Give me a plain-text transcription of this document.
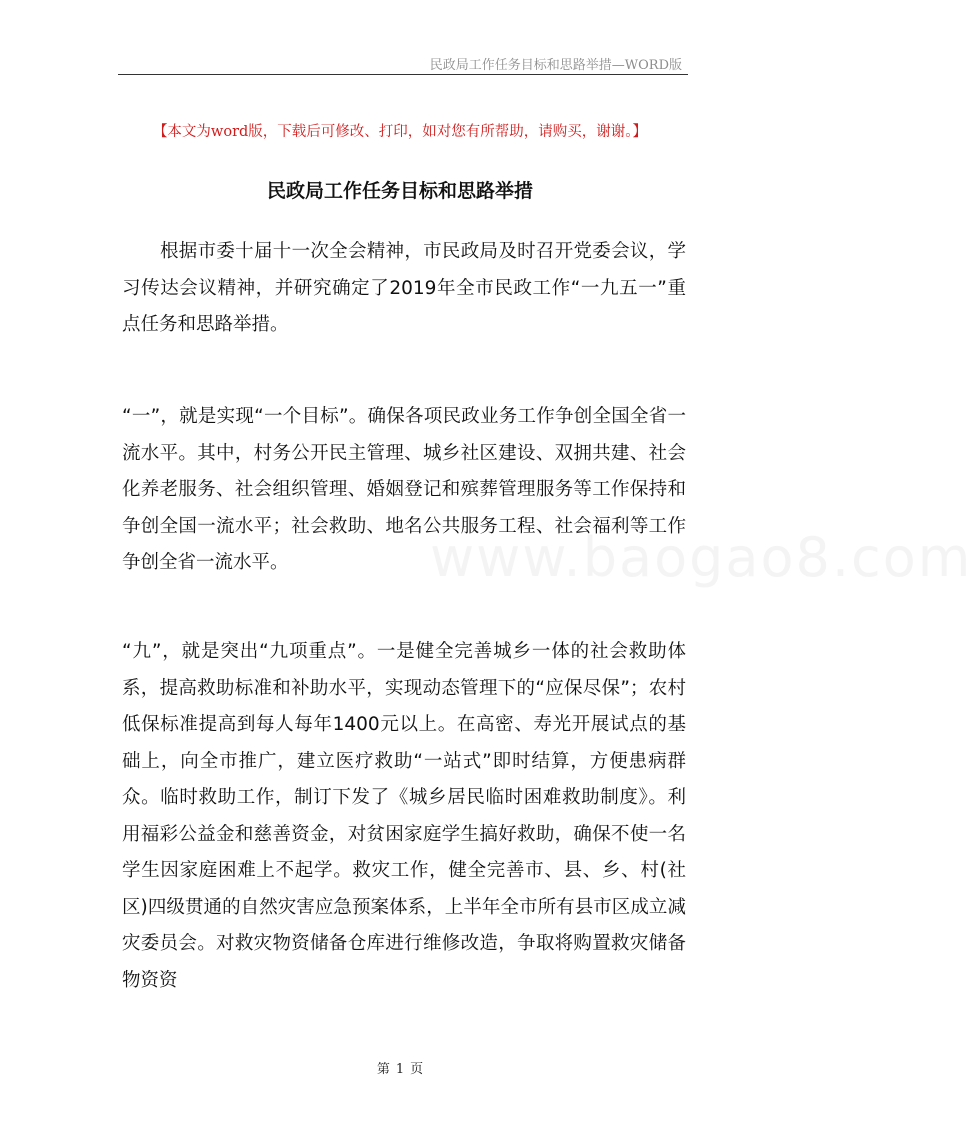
民政局工作任务目标和思路举措—WORD版
【本文为word版，下载后可修改、打印，如对您有所帮助，请购买，谢谢。】
民政局工作任务目标和思路举措
www.baogao8.com
根据市委十届十一次全会精神，市民政局及时召开党委会议，学习传达会议精神，并研究确定了2019年全市民政工作“一九五一”重点任务和思路举措。
“一”，就是实现“一个目标”。确保各项民政业务工作争创全国全省一流水平。其中，村务公开民主管理、城乡社区建设、双拥共建、社会化养老服务、社会组织管理、婚姻登记和殡葬管理服务等工作保持和争创全国一流水平；社会救助、地名公共服务工程、社会福利等工作争创全省一流水平。
“九”，就是突出“九项重点”。一是健全完善城乡一体的社会救助体系，提高救助标准和补助水平，实现动态管理下的“应保尽保”；农村低保标准提高到每人每年1400元以上。在高密、寿光开展试点的基础上，向全市推广，建立医疗救助“一站式”即时结算，方便患病群众。临时救助工作，制订下发了《城乡居民临时困难救助制度》。利用福彩公益金和慈善资金，对贫困家庭学生搞好救助，确保不使一名学生因家庭困难上不起学。救灾工作，健全完善市、县、乡、村(社区)四级贯通的自然灾害应急预案体系，上半年全市所有县市区成立减灾委员会。对救灾物资储备仓库进行维修改造，争取将购置救灾储备物资资
第 1 页
